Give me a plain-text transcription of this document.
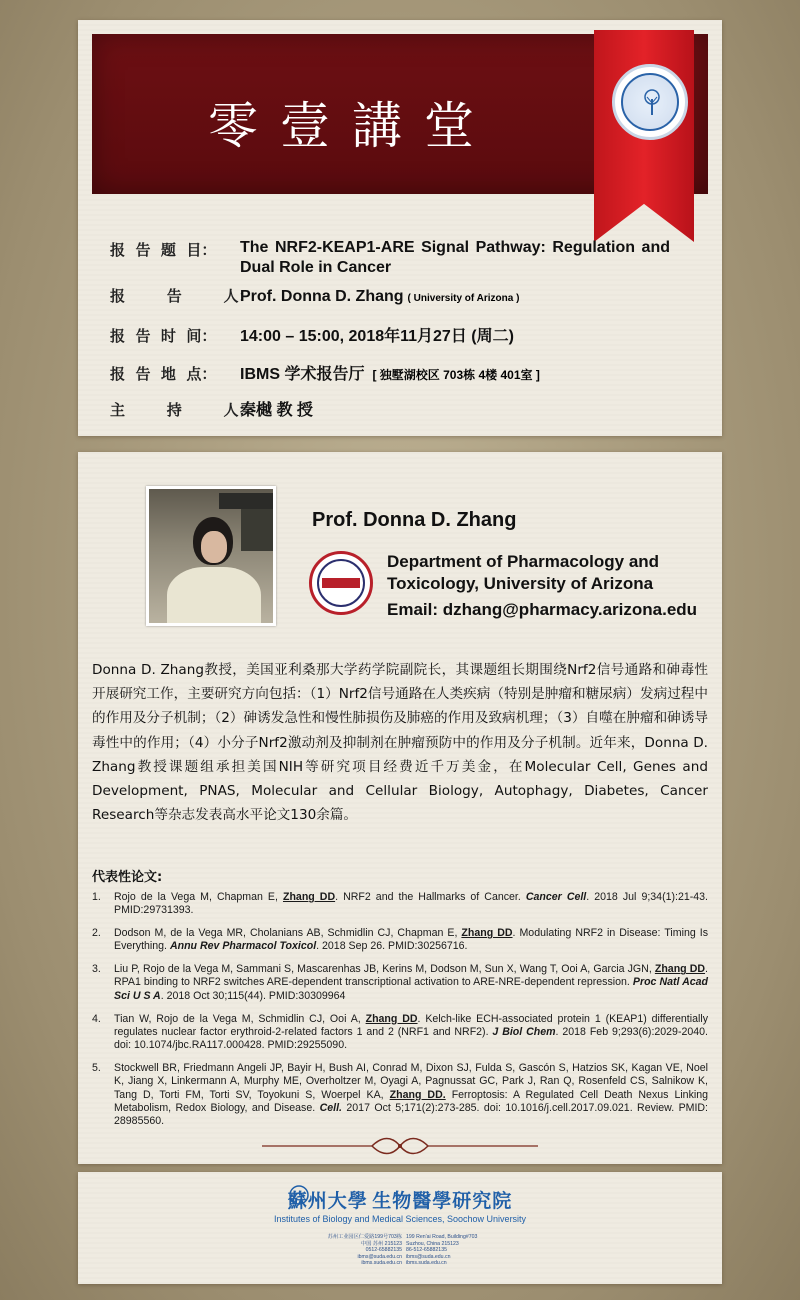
零壹講堂
报  告  题  目：	The NRF2-KEAP1-ARE Signal Pathway: Regulation and Dual Role in Cancer
报        告        人：
Prof. Donna D. Zhang ( University of Arizona )
报  告  时  间：	14:00 – 15:00, 2018年11月27日 (周二)
报  告  地  点：	IBMS 学术报告厅 [ 独墅湖校区 703栋 4楼 401室 ]
主        持        人：
秦樾 教 授
Prof. Donna D. Zhang
Department of Pharmacology and
Toxicology, University of Arizona
Email: dzhang@pharmacy.arizona.edu
Donna D. Zhang教授，美国亚利桑那大学药学院副院长，其课题组长期围绕Nrf2信号通路和砷毒性开展研究工作，主要研究方向包括：（1）Nrf2信号通路在人类疾病（特别是肿瘤和糖尿病）发病过程中的作用及分子机制；（2）砷诱发急性和慢性肺损伤及肺癌的作用及致病机理；（3）自噬在肿瘤和砷诱导毒性中的作用；（4）小分子Nrf2激动剂及抑制剂在肿瘤预防中的作用及分子机制。近年来，Donna D. Zhang教授课题组承担美国NIH等研究项目经费近千万美金，在Molecular Cell, Genes and Development, PNAS, Molecular and Cellular Biology, Autophagy, Diabetes, Cancer Research等杂志发表高水平论文130余篇。
代表性论文:
1.	Rojo de la Vega M, Chapman E, Zhang DD. NRF2 and the Hallmarks of Cancer. Cancer Cell. 2018 Jul 9;34(1):21-43. PMID:29731393.
2.	Dodson M, de la Vega MR, Cholanians AB, Schmidlin CJ, Chapman E, Zhang DD. Modulating NRF2 in Disease: Timing Is Everything. Annu Rev Pharmacol Toxicol. 2018 Sep 26. PMID:30256716.
3.	Liu P, Rojo de la Vega M, Sammani S, Mascarenhas JB, Kerins M, Dodson M, Sun X, Wang T, Ooi A, Garcia JGN, Zhang DD. RPA1 binding to NRF2 switches ARE-dependent transcriptional activation to ARE-NRE-dependent repression. Proc Natl Acad Sci U S A. 2018 Oct 30;115(44). PMID:30309964
4.	Tian W, Rojo de la Vega M, Schmidlin CJ, Ooi A, Zhang DD. Kelch-like ECH-associated protein 1 (KEAP1) differentially regulates nuclear factor erythroid-2-related factors 1 and 2 (NRF1 and NRF2). J Biol Chem. 2018 Feb 9;293(6):2029-2040. doi: 10.1074/jbc.RA117.000428. PMID:29255090.
5.	Stockwell BR, Friedmann Angeli JP, Bayir H, Bush AI, Conrad M, Dixon SJ, Fulda S, Gascón S, Hatzios SK, Kagan VE, Noel K, Jiang X, Linkermann A, Murphy ME, Overholtzer M, Oyagi A, Pagnussat GC, Park J, Ran Q, Rosenfeld CS, Salnikow K, Tang D, Torti FM, Torti SV, Toyokuni S, Woerpel KA, Zhang DD. Ferroptosis: A Regulated Cell Death Nexus Linking Metabolism, Redox Biology, and Disease. Cell. 2017 Oct 5;171(2):273-285. doi: 10.1016/j.cell.2017.09.021. Review. PMID: 28985560.
蘇州大學 生物醫學研究院
Institutes of Biology and Medical Sciences, Soochow University
苏州工业园区仁爱路199号703栋
中国 苏州 215123
0512-65882135
ibms@suda.edu.cn
ibms.suda.edu.cn
199 Ren'ai Road, Building#703
Suzhou, China 215123
86-512-65882135
ibms@suda.edu.cn
ibms.suda.edu.cn
